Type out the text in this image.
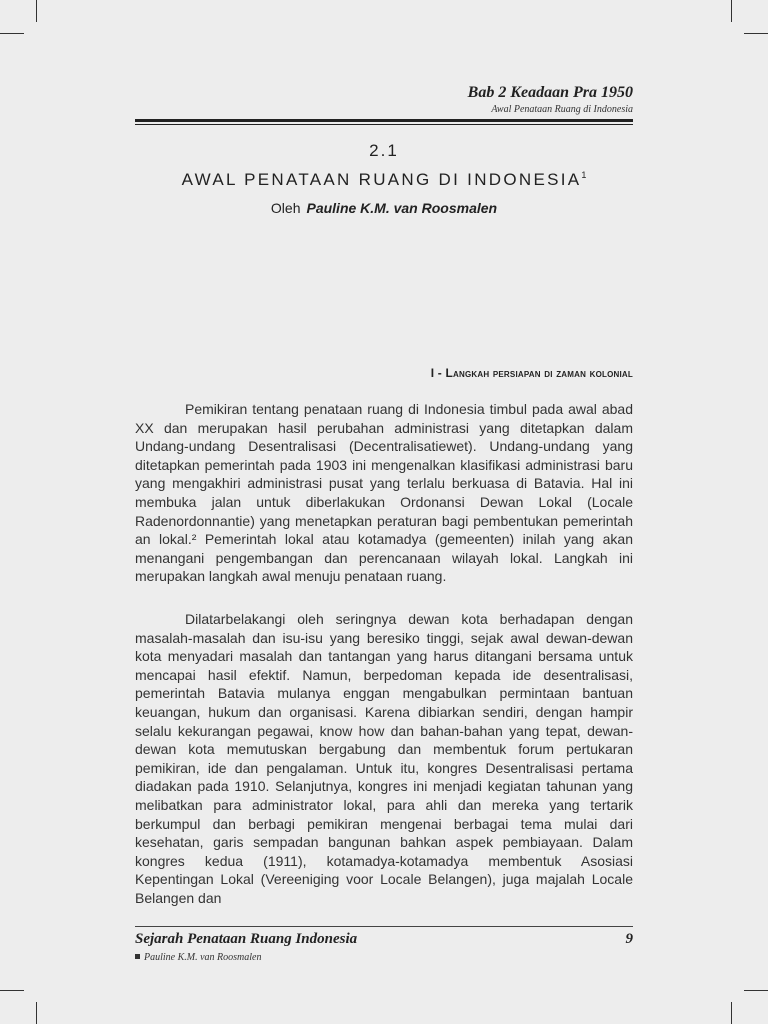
Bab 2 Keadaan Pra 1950
Awal Penataan Ruang di Indonesia
2.1
AWAL PENATAAN RUANG DI INDONESIA$^1$
Oleh Pauline K.M. van Roosmalen
I - Langkah persiapan di zaman kolonial

Pemikiran tentang penataan ruang di Indonesia timbul pada awal abad XX dan merupakan hasil perubahan administrasi yang ditetapkan dalam Undang-undang Desentralisasi (Decentralisatiewet). Undang-undang yang ditetapkan pemerintah pada 1903 ini mengenalkan klasifikasi administrasi baru yang mengakhiri administrasi pusat yang terlalu berkuasa di Batavia. Hal ini membuka jalan untuk diberlakukan Ordonansi Dewan Lokal (Locale Radenordonnantie) yang menetapkan peraturan bagi pembentukan pemerintah an lokal.² Pemerintah lokal atau kotamadya (gemeenten) inilah yang akan menangani pengembangan dan perencanaan wilayah lokal. Langkah ini merupakan langkah awal menuju penataan ruang.

Dilatarbelakangi oleh seringnya dewan kota berhadapan dengan masalah-masalah dan isu-isu yang beresiko tinggi, sejak awal dewan-dewan kota menyadari masalah dan tantangan yang harus ditangani bersama untuk mencapai hasil efektif. Namun, berpedoman kepada ide desentralisasi, pemerintah Batavia mulanya enggan mengabulkan permintaan bantuan keuangan, hukum dan organisasi. Karena dibiarkan sendiri, dengan hampir selalu kekurangan pegawai, know how dan bahan-bahan yang tepat, dewan-dewan kota memutuskan bergabung dan membentuk forum pertukaran pemikiran, ide dan pengalaman. Untuk itu, kongres Desentralisasi pertama diadakan pada 1910. Selanjutnya, kongres ini menjadi kegiatan tahunan yang melibatkan para administrator lokal, para ahli dan mereka yang tertarik berkumpul dan berbagi pemikiran mengenai berbagai tema mulai dari kesehatan, garis sempadan bangunan bahkan aspek pembiayaan. Dalam kongres kedua (1911), kotamadya-kotamadya membentuk Asosiasi Kepentingan Lokal (Vereeniging voor Locale Belangen), juga majalah Locale Belangen dan

Sejarah Penataan Ruang Indonesia	9
Pauline K.M. van Roosmalen
